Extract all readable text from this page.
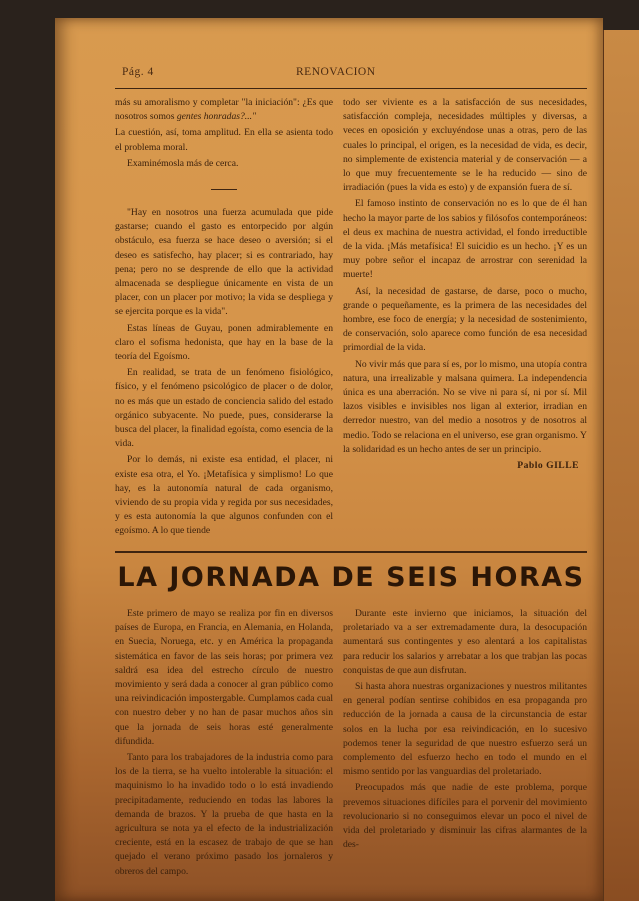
Pág. 4	RENOVACION

más su amoralismo y completar "la iniciación": ¿Es que nosotros somos gentes honradas?..."

La cuestión, así, toma amplitud. En ella se asienta todo el problema moral.

Examinémosla más de cerca.

"Hay en nosotros una fuerza acumulada que pide gastarse; cuando el gasto es entorpecido por algún obstáculo, esa fuerza se hace deseo o aversión; si el deseo es satisfecho, hay placer; si es contrariado, hay pena; pero no se desprende de ello que la actividad almacenada se despliegue únicamente en vista de un placer, con un placer por motivo; la vida se despliega y se ejercita porque es la vida".

Estas líneas de Guyau, ponen admirablemente en claro el sofisma hedonista, que hay en la base de la teoría del Egoísmo.

En realidad, se trata de un fenómeno fisiológico, físico, y el fenómeno psicológico de placer o de dolor, no es más que un estado de conciencia salido del estado orgánico subyacente. No puede, pues, considerarse la busca del placer, la finalidad egoísta, como esencia de la vida.

Por lo demás, ni existe esa entidad, el placer, ni existe esa otra, el Yo. ¡Metafísica y simplismo! Lo que hay, es la autonomía natural de cada organismo, viviendo de su propia vida y regida por sus necesidades, y es esta autonomía la que algunos confunden con el egoísmo. A lo que tiende

todo ser viviente es a la satisfacción de sus necesidades, satisfacción compleja, necesidades múltiples y diversas, a veces en oposición y excluyéndose unas a otras, pero de las cuales lo principal, el origen, es la necesidad de vida, es decir, no simplemente de existencia material y de conservación — a lo que muy frecuentemente se le ha reducido — sino de irradiación (pues la vida es esto) y de expansión fuera de sí.

El famoso instinto de conservación no es lo que de él han hecho la mayor parte de los sabios y filósofos contemporáneos: el deus ex machina de nuestra actividad, el fondo irreductible de la vida. ¡Más metafísica! El suicidio es un hecho. ¡Y es un muy pobre señor el incapaz de arrostrar con serenidad la muerte!

Así, la necesidad de gastarse, de darse, poco o mucho, grande o pequeñamente, es la primera de las necesidades del hombre, ese foco de energía; y la necesidad de sostenimiento, de conservación, solo aparece como función de esa necesidad primordial de la vida.

No vivir más que para sí es, por lo mismo, una utopía contra natura, una irrealizable y malsana quimera. La independencia única es una aberración. No se vive ni para sí, ni por sí. Mil lazos visibles e invisibles nos ligan al exterior, irradian en derredor nuestro, van del medio a nosotros y de nosotros al medio. Todo se relaciona en el universo, ese gran organismo. Y la solidaridad es un hecho antes de ser un principio.

Pablo GILLE
LA JORNADA DE SEIS HORAS

Este primero de mayo se realiza por fin en diversos países de Europa, en Francia, en Alemania, en Holanda, en Suecia, Noruega, etc. y en América la propaganda sistemática en favor de las seis horas; por primera vez saldrá esa idea del estrecho círculo de nuestro movimiento y será dada a conocer al gran público como una reivindicación impostergable. Cumplamos cada cual con nuestro deber y no han de pasar muchos años sin que la jornada de seis horas esté generalmente difundida.

Tanto para los trabajadores de la industria como para los de la tierra, se ha vuelto intolerable la situación: el maquinismo lo ha invadido todo o lo está invadiendo precipitadamente, reduciendo en todas las labores la demanda de brazos. Y la prueba de que hasta en la agricultura se nota ya el efecto de la industrialización creciente, está en la escasez de trabajo de que se han quejado el verano próximo pasado los jornaleros y obreros del campo.

Durante este invierno que iniciamos, la situación del proletariado va a ser extremadamente dura, la desocupación aumentará sus contingentes y eso alentará a los capitalistas para reducir los salarios y arrebatar a los que trabjan las pocas conquistas de que aun disfrutan.

Si hasta ahora nuestras organizaciones y nuestros militantes en general podían sentirse cohibidos en esa propaganda pro reducción de la jornada a causa de la circunstancia de estar solos en la lucha por esa reivindicación, en lo sucesivo podemos tener la seguridad de que nuestro esfuerzo será un complemento del esfuerzo hecho en todo el mundo en el mismo sentido por las vanguardias del proletariado.

Preocupados más que nadie de este problema, porque prevemos situaciones difíciles para el porvenir del movimiento revolucionario si no conseguimos elevar un poco el nivel de vida del proletariado y disminuir las cifras alarmantes de la des-
